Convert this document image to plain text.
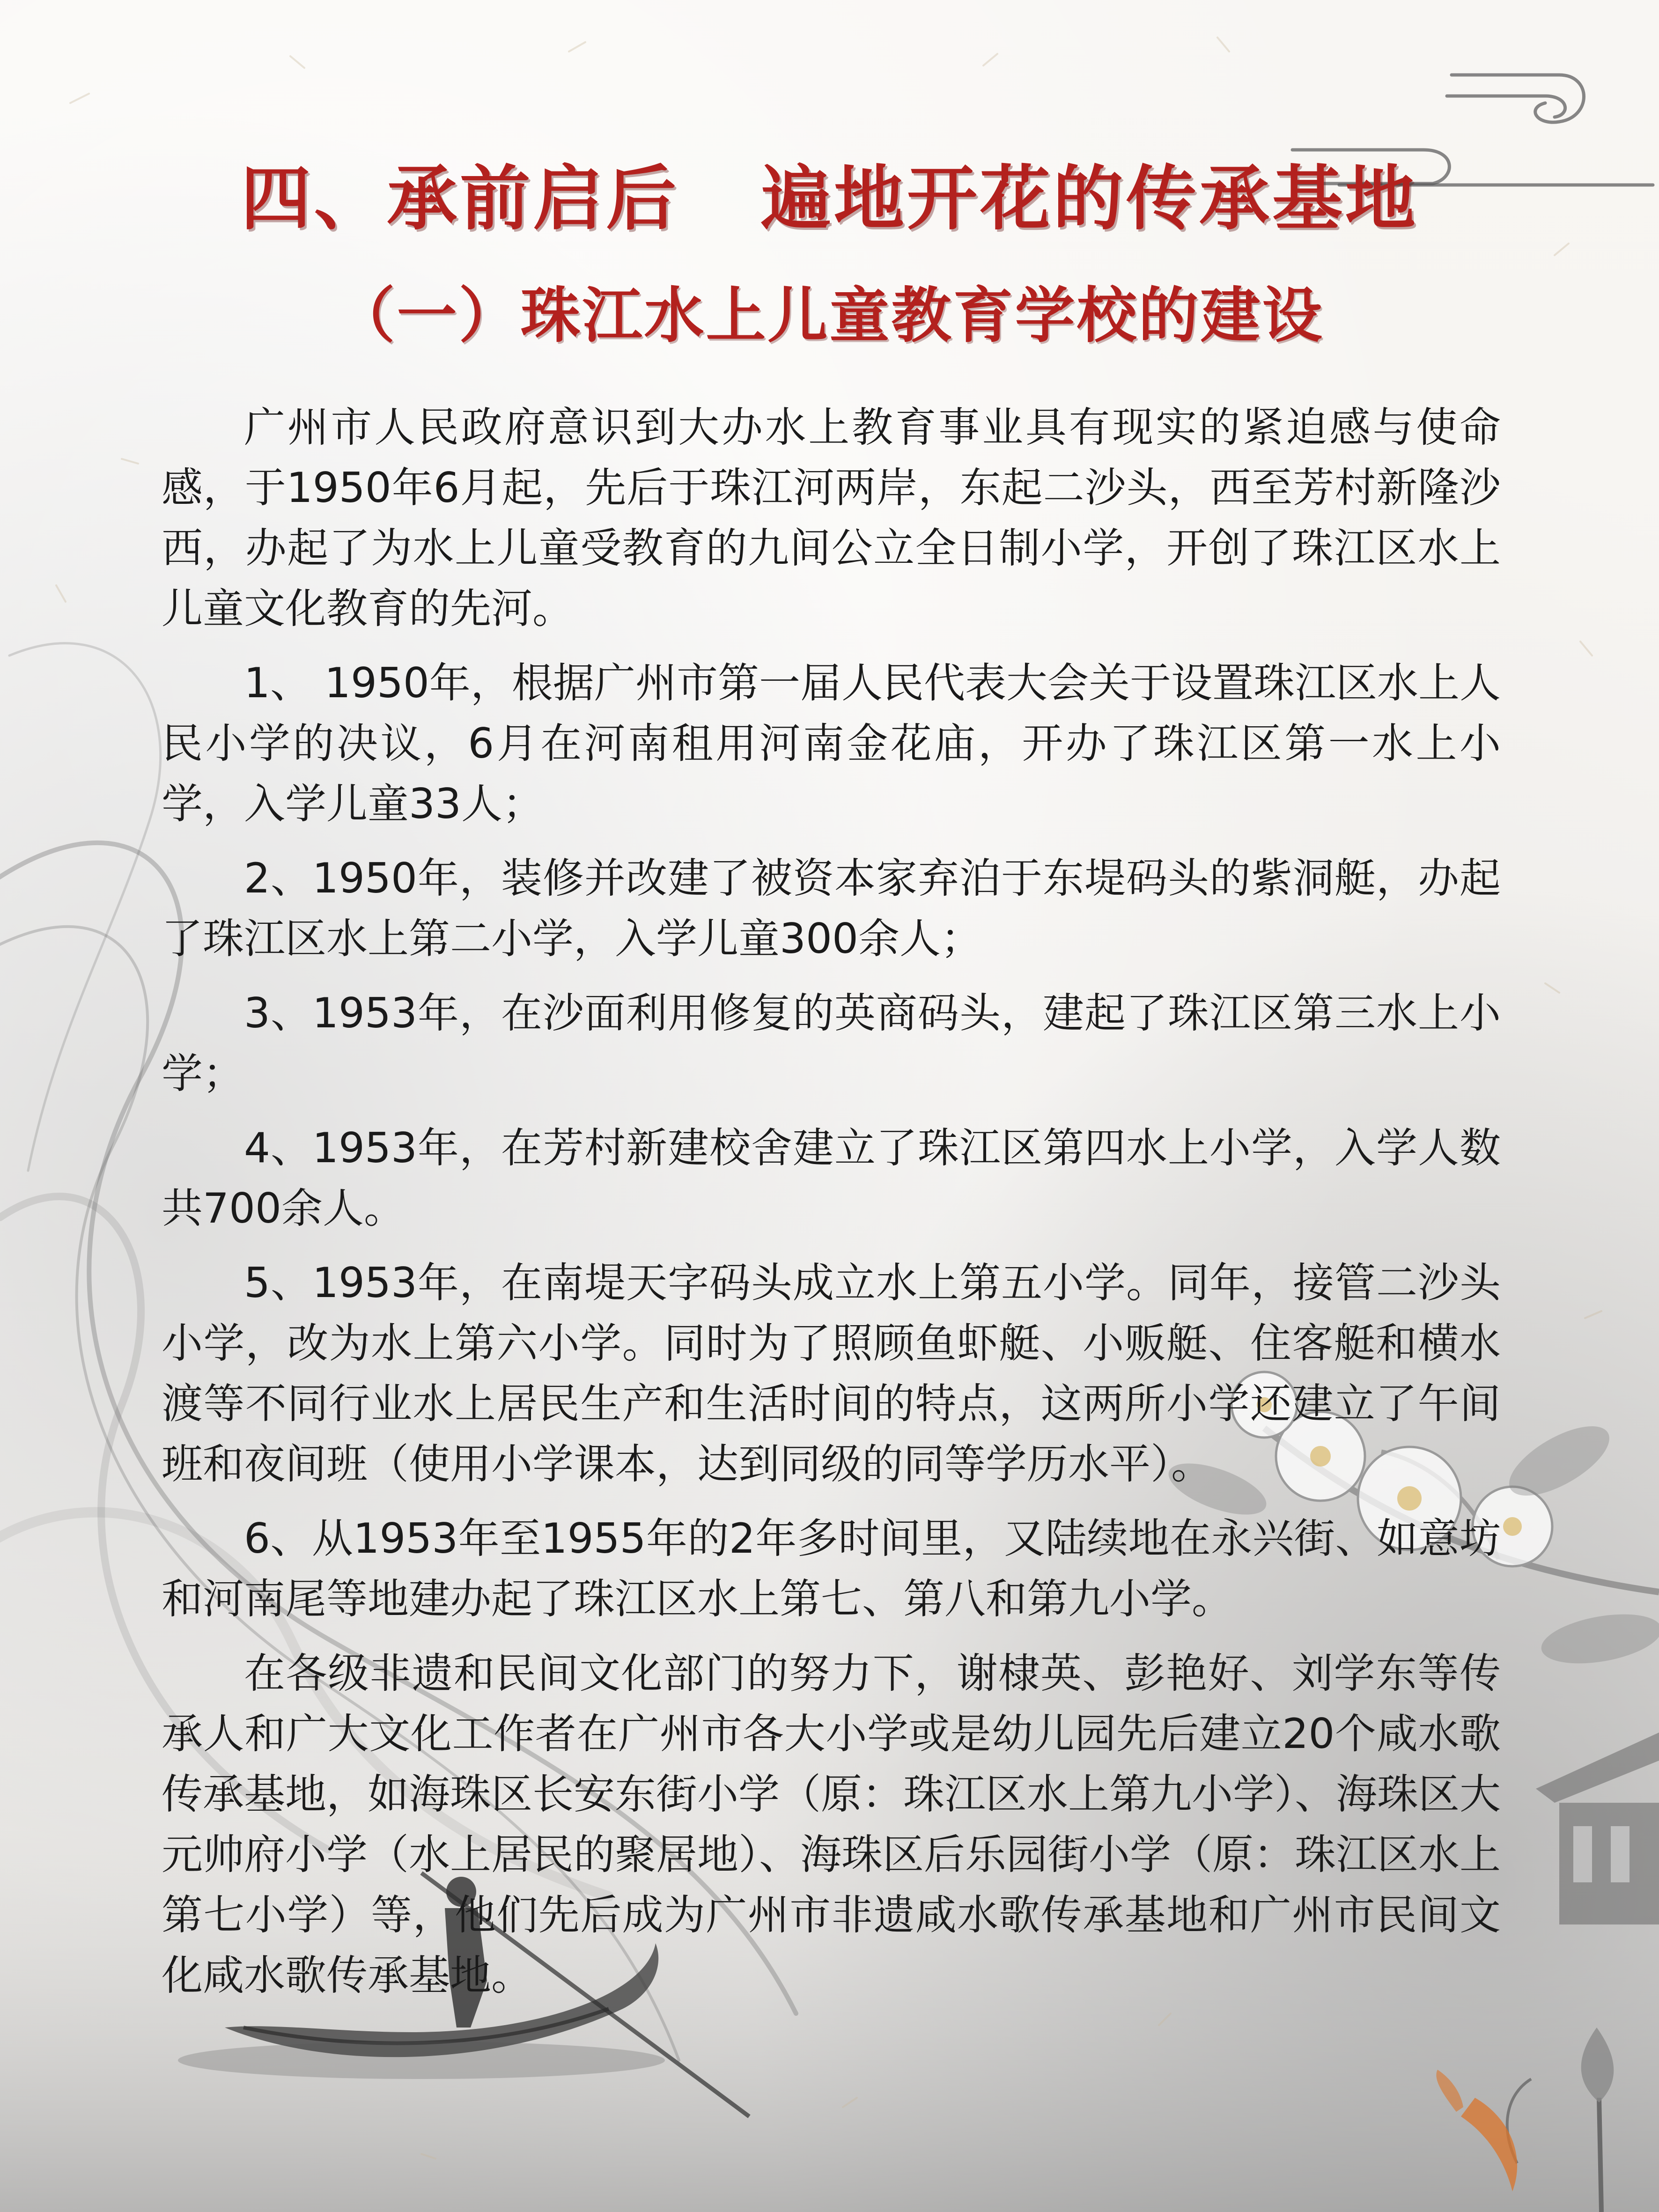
四、承前启后   遍地开花的传承基地
（一）珠江水上儿童教育学校的建设

广州市人民政府意识到大办水上教育事业具有现实的紧迫感与使命感，于1950年6月起，先后于珠江河两岸，东起二沙头，西至芳村新隆沙西，办起了为水上儿童受教育的九间公立全日制小学，开创了珠江区水上儿童文化教育的先河。

1、 1950年，根据广州市第一届人民代表大会关于设置珠江区水上人民小学的决议，6月在河南租用河南金花庙，开办了珠江区第一水上小学，入学儿童33人；

2、1950年，装修并改建了被资本家弃泊于东堤码头的紫洞艇，办起了珠江区水上第二小学，入学儿童300余人；

3、1953年，在沙面利用修复的英商码头，建起了珠江区第三水上小学；

4、1953年，在芳村新建校舍建立了珠江区第四水上小学，入学人数共700余人。

5、1953年，在南堤天字码头成立水上第五小学。同年，接管二沙头小学，改为水上第六小学。同时为了照顾鱼虾艇、小贩艇、住客艇和横水渡等不同行业水上居民生产和生活时间的特点，这两所小学还建立了午间班和夜间班（使用小学课本，达到同级的同等学历水平）。

6、从1953年至1955年的2年多时间里，又陆续地在永兴街、如意坊和河南尾等地建办起了珠江区水上第七、第八和第九小学。

在各级非遗和民间文化部门的努力下，谢棣英、彭艳好、刘学东等传承人和广大文化工作者在广州市各大小学或是幼儿园先后建立20个咸水歌传承基地，如海珠区长安东街小学（原：珠江区水上第九小学）、海珠区大元帅府小学（水上居民的聚居地）、海珠区后乐园街小学（原：珠江区水上第七小学）等，他们先后成为广州市非遗咸水歌传承基地和广州市民间文化咸水歌传承基地。
